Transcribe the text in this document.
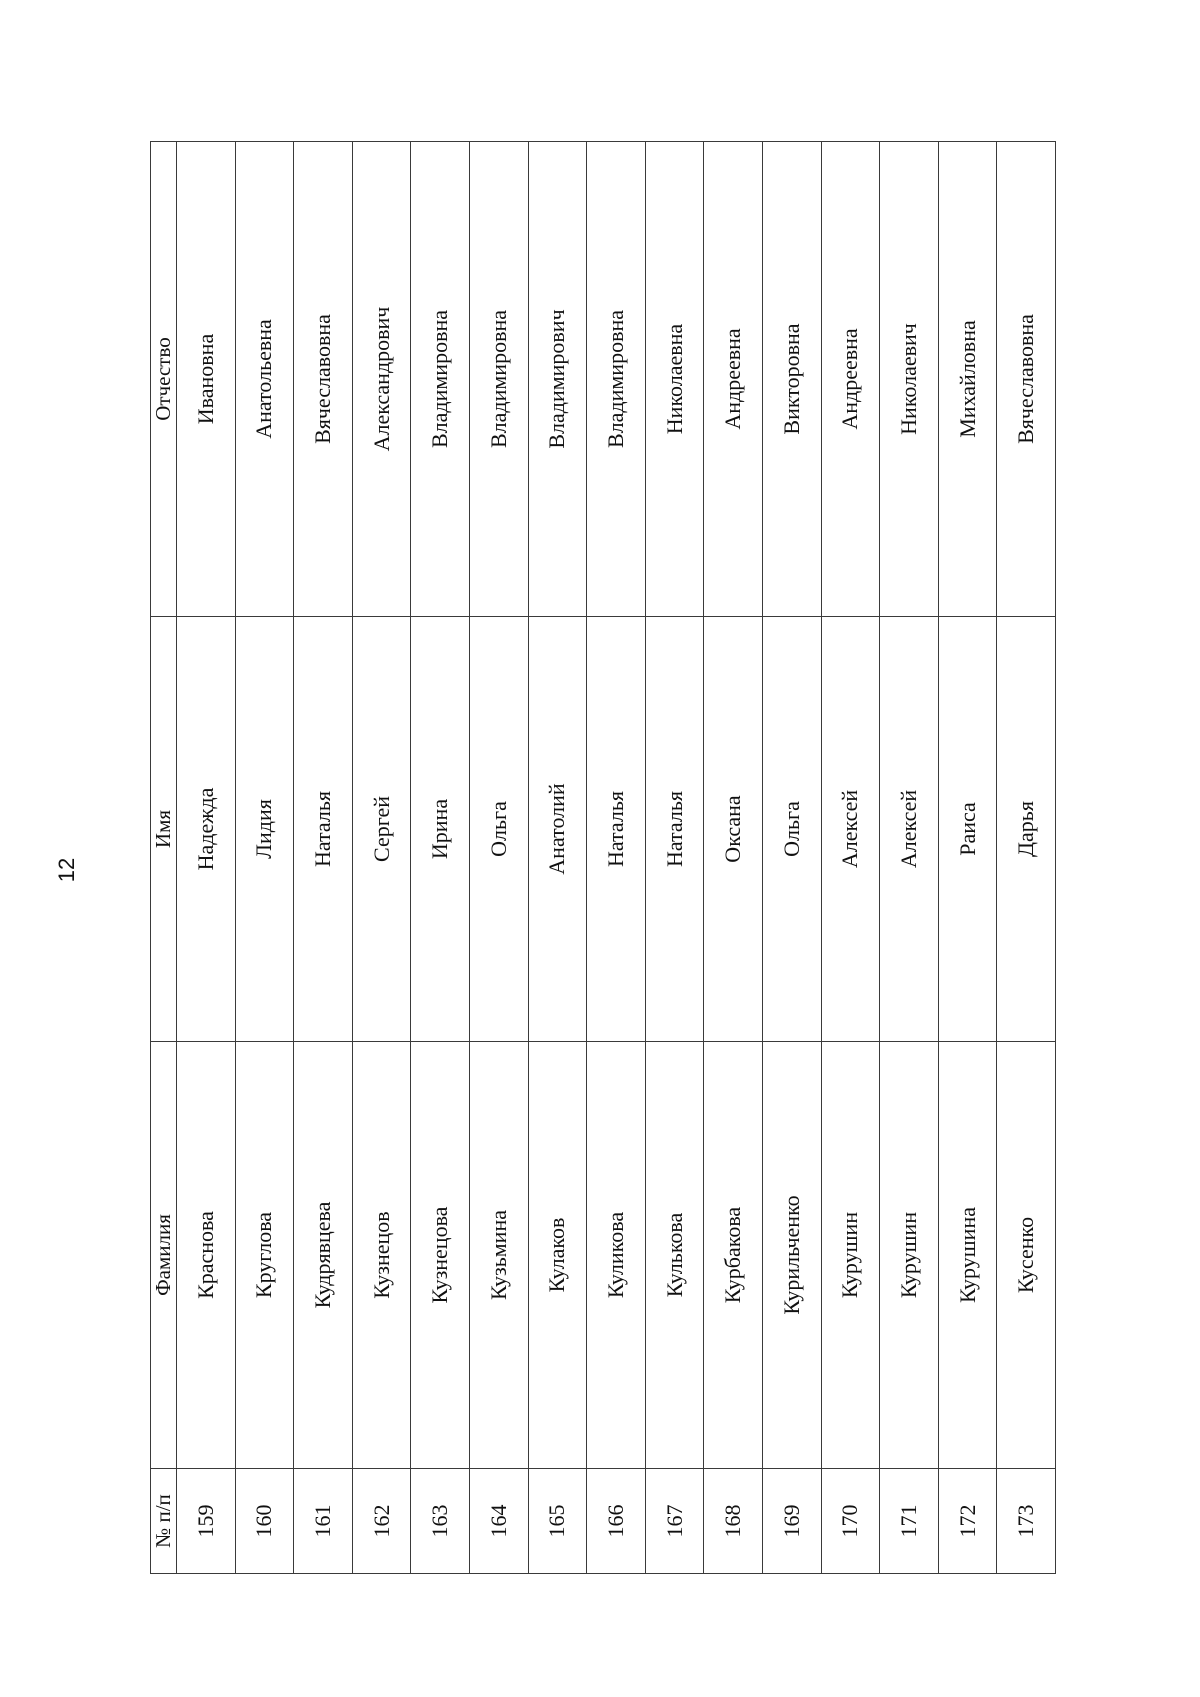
12
№ п/п	Фамилия	Имя	Отчество
159	Краснова	Надежда	Ивановна
160	Круглова	Лидия	Анатольевна
161	Кудрявцева	Наталья	Вячеславовна
162	Кузнецов	Сергей	Александрович
163	Кузнецова	Ирина	Владимировна
164	Кузьмина	Ольга	Владимировна
165	Кулаков	Анатолий	Владимирович
166	Куликова	Наталья	Владимировна
167	Кулькова	Наталья	Николаевна
168	Курбакова	Оксана	Андреевна
169	Курильченко	Ольга	Викторовна
170	Курушин	Алексей	Андреевна
171	Курушин	Алексей	Николаевич
172	Курушина	Раиса	Михайловна
173	Кусенко	Дарья	Вячеславовна
